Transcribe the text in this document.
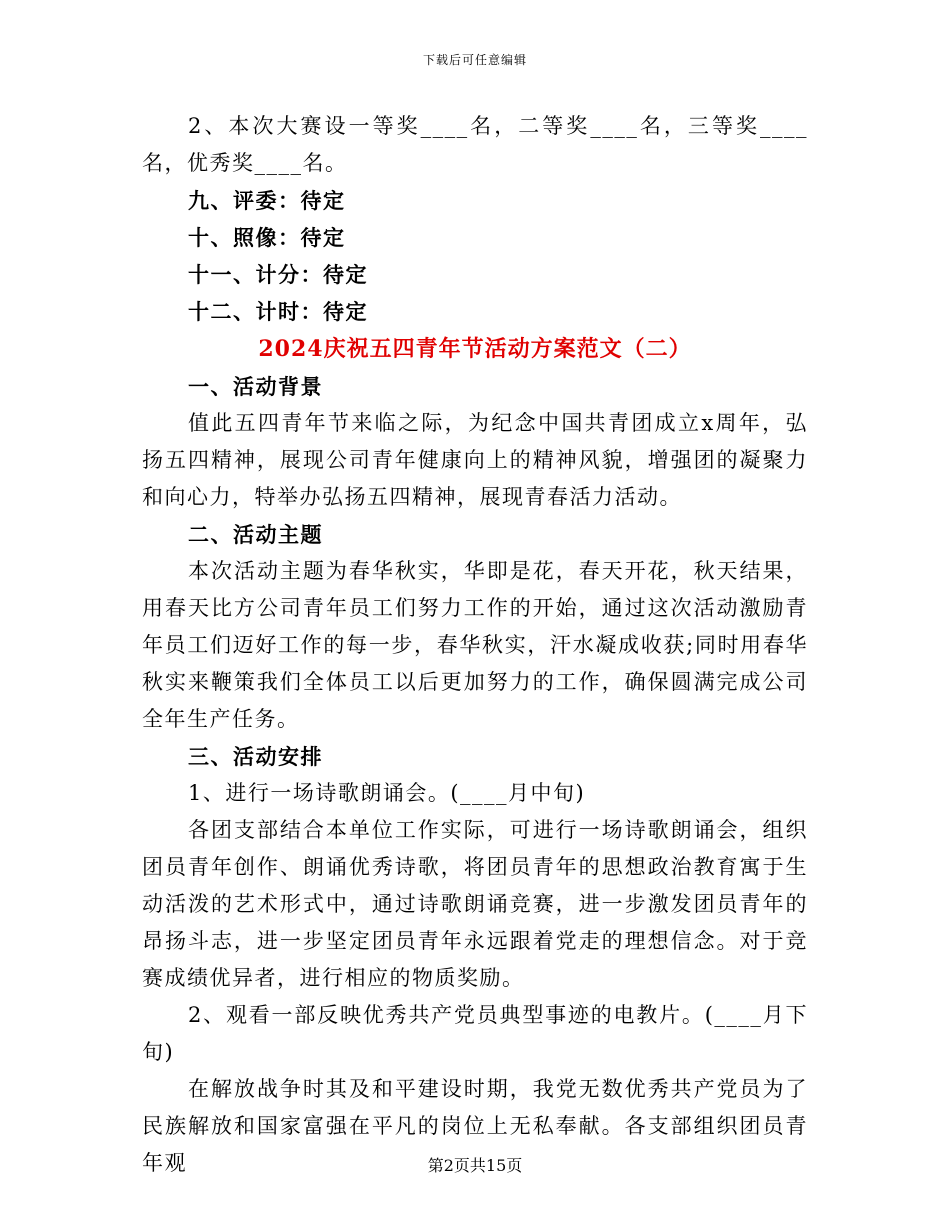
下载后可任意编辑

2、本次大赛设一等奖____名，二等奖____名，三等奖____名，优秀奖____名。

九、评委：待定

十、照像：待定

十一、计分：待定

十二、计时：待定

2024庆祝五四青年节活动方案范文（二）

一、活动背景

值此五四青年节来临之际，为纪念中国共青团成立x周年，弘扬五四精神，展现公司青年健康向上的精神风貌，增强团的凝聚力和向心力，特举办弘扬五四精神，展现青春活力活动。

二、活动主题

本次活动主题为春华秋实，华即是花，春天开花，秋天结果，用春天比方公司青年员工们努力工作的开始，通过这次活动激励青年员工们迈好工作的每一步，春华秋实，汗水凝成收获;同时用春华秋实来鞭策我们全体员工以后更加努力的工作，确保圆满完成公司全年生产任务。

三、活动安排

1、进行一场诗歌朗诵会。(____月中旬)

各团支部结合本单位工作实际，可进行一场诗歌朗诵会，组织团员青年创作、朗诵优秀诗歌，将团员青年的思想政治教育寓于生动活泼的艺术形式中，通过诗歌朗诵竞赛，进一步激发团员青年的昂扬斗志，进一步坚定团员青年永远跟着党走的理想信念。对于竞赛成绩优异者，进行相应的物质奖励。

2、观看一部反映优秀共产党员典型事迹的电教片。(____月下旬)

在解放战争时其及和平建设时期，我党无数优秀共产党员为了民族解放和国家富强在平凡的岗位上无私奉献。各支部组织团员青年观	第2页共15页
